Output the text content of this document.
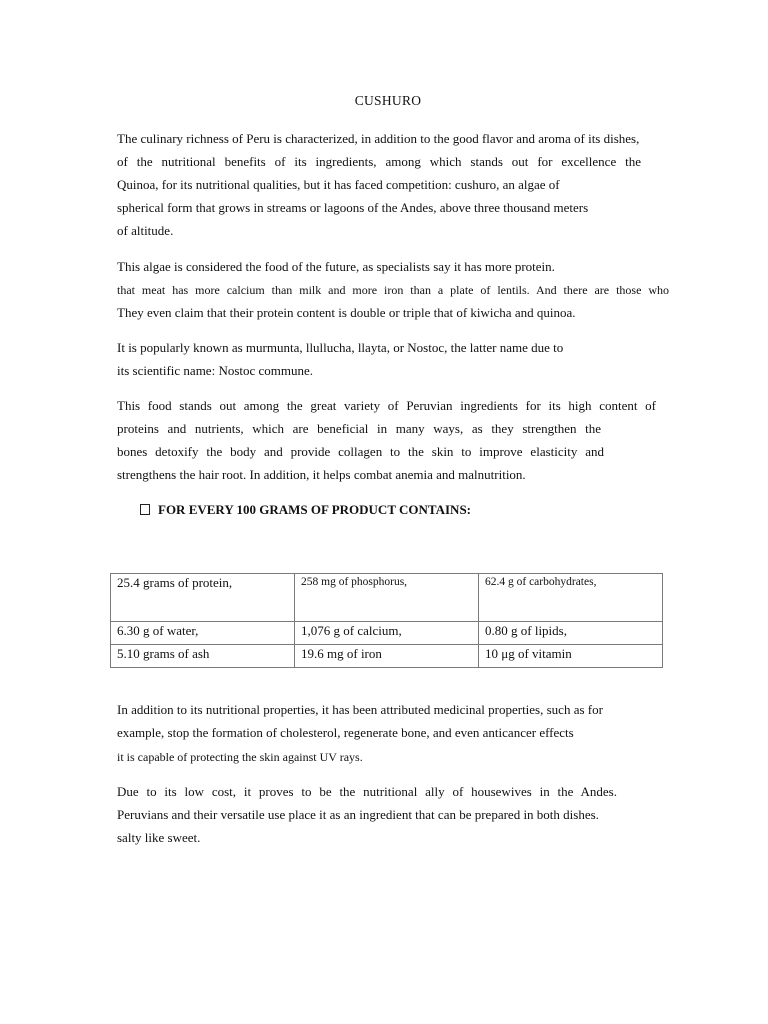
CUSHURO
The culinary richness of Peru is characterized, in addition to the good flavor and aroma of its dishes,
of the nutritional benefits of its ingredients, among which stands out for excellence the
Quinoa, for its nutritional qualities, but it has faced competition: cushuro, an algae of
spherical form that grows in streams or lagoons of the Andes, above three thousand meters
of altitude.
This algae is considered the food of the future, as specialists say it has more protein.
that meat has more calcium than milk and more iron than a plate of lentils. And there are those who
They even claim that their protein content is double or triple that of kiwicha and quinoa.
It is popularly known as murmunta, llullucha, llayta, or Nostoc, the latter name due to
its scientific name: Nostoc commune.
This food stands out among the great variety of Peruvian ingredients for its high content of
proteins and nutrients, which are beneficial in many ways, as they strengthen the
bones detoxify the body and provide collagen to the skin to improve elasticity and
strengthens the hair root. In addition, it helps combat anemia and malnutrition.
FOR EVERY 100 GRAMS OF PRODUCT CONTAINS:
25.4 grams of protein,	258 mg of phosphorus,	62.4 g of carbohydrates,
6.30 g of water,	1,076 g of calcium,	0.80 g of lipids,
5.10 grams of ash	19.6 mg of iron	10 μg of vitamin
In addition to its nutritional properties, it has been attributed medicinal properties, such as for
example, stop the formation of cholesterol, regenerate bone, and even anticancer effects
it is capable of protecting the skin against UV rays.
Due to its low cost, it proves to be the nutritional ally of housewives in the Andes.
Peruvians and their versatile use place it as an ingredient that can be prepared in both dishes.
salty like sweet.
